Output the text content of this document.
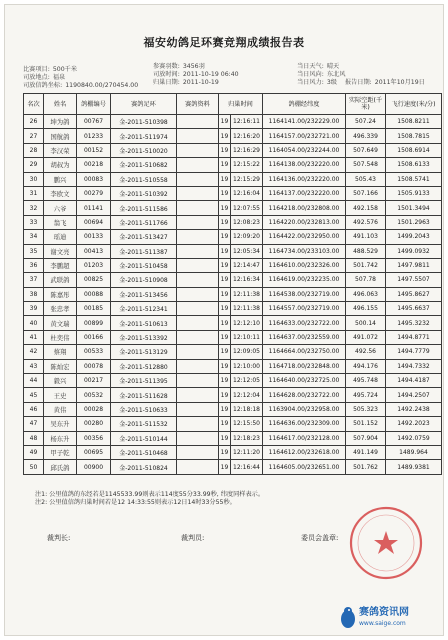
福安幼鸽足环赛竞翔成绩报告表
比赛项目: 500千米
司放地点: 福泉
司放信鸽坐标: 1190840.00/270454.00
参赛羽数: 3456羽
司放时间: 2011-10-19 06:40
归巢日期: 2011-10-19
当日天气: 晴天
当日风向: 东北风
当日风力: 3级 报告日期: 2011年10月19日
名次	姓名	鸽棚编号	赛鸽足环	赛鸽资料	归巢时间		鸽棚经纬度	实际空距(千米)	飞行速度(米/分)
26	坤为鸽	00767	金-2011-510398		19	12:16:11	1164141.00/232229.00	507.24	1508.8211
27	国航鸽	01233	金-2011-511974		19	12:16:20	1164157.00/232721.00	496.339	1508.7815
28	李汉荣	00152	金-2011-510020		19	12:16:29	1164054.00/232244.00	507.649	1508.6914
29	胡叔为	00218	金-2011-510682		19	12:15:22	1164138.00/232220.00	507.548	1508.6133
30	鹏兴	00083	金-2011-510558		19	12:15:29	1164136.00/232220.00	505.43	1508.5741
31	李欧文	00279	金-2011-510392		19	12:16:04	1164137.00/232220.00	507.166	1505.9133
32	六爷	01141	金-2011-511586		19	12:07:55	1164218.00/232808.00	492.158	1501.3494
33	翁飞	00694	金-2011-511766		19	12:08:23	1164220.00/232813.00	492.576	1501.2963
34	瑶迪	00133	金-2011-513427		19	12:09:20	1164422.00/232950.00	491.103	1499.2043
35	谢文亮	00413	金-2011-511387		19	12:05:34	1164734.00/233103.00	488.529	1499.0932
36	李鹏超	01203	金-2011-510458		19	12:14:47	1164610.00/232326.00	501.742	1497.9811
37	武联鸽	00825	金-2011-510908		19	12:16:34	1164619.00/232235.00	507.78	1497.5507
38	陈嘉彤	00088	金-2011-513456		19	12:11:38	1164538.00/232719.00	496.063	1495.8627
39	张忠孝	00185	金-2011-512341		19	12:11:38	1164557.00/232719.00	496.155	1495.6637
40	黄文瑞	00899	金-2011-510613		19	12:12:10	1164633.00/232722.00	500.14	1495.3232
41	杜奕伟	00166	金-2011-513392		19	12:10:11	1164637.00/232559.00	491.072	1494.8771
42	蔡翔	00533	金-2011-513129		19	12:09:05	1164664.00/232750.00	492.56	1494.7779
43	陈灿宏	00078	金-2011-512880		19	12:10:00	1164718.00/232848.00	494.176	1494.7332
44	毅兴	00217	金-2011-511395		19	12:12:05	1164640.00/232725.00	495.748	1494.4187
45	王史	00532	金-2011-511628		19	12:12:04	1164628.00/232722.00	495.724	1494.2507
46	黄伟	00028	金-2011-510633		19	12:18:18	1163904.00/232958.00	505.323	1492.2438
47	吴东升	00280	金-2011-511532		19	12:15:50	1164636.00/232309.00	501.152	1492.2023
48	杨东升	00356	金-2011-510144		19	12:18:23	1164617.00/232128.00	507.904	1492.0759
49	甲子乾	00695	金-2011-510468		19	12:11:20	1164612.00/232618.00	491.149	1489.964
50	邱氏鸽	00900	金-2011-510824		19	12:16:44	1164605.00/232651.00	501.762	1489.9381
注1: 公里值鸽的东经若是1145533.99则表示114度55分33.99秒, 纬度同样表示。
注2: 公里值信鸽归巢时间若是12 14:33:55则表示12日14时33分55秒。
裁判长:	裁判员:	委员会盖章:
赛鸽资讯网
www.saige.com
